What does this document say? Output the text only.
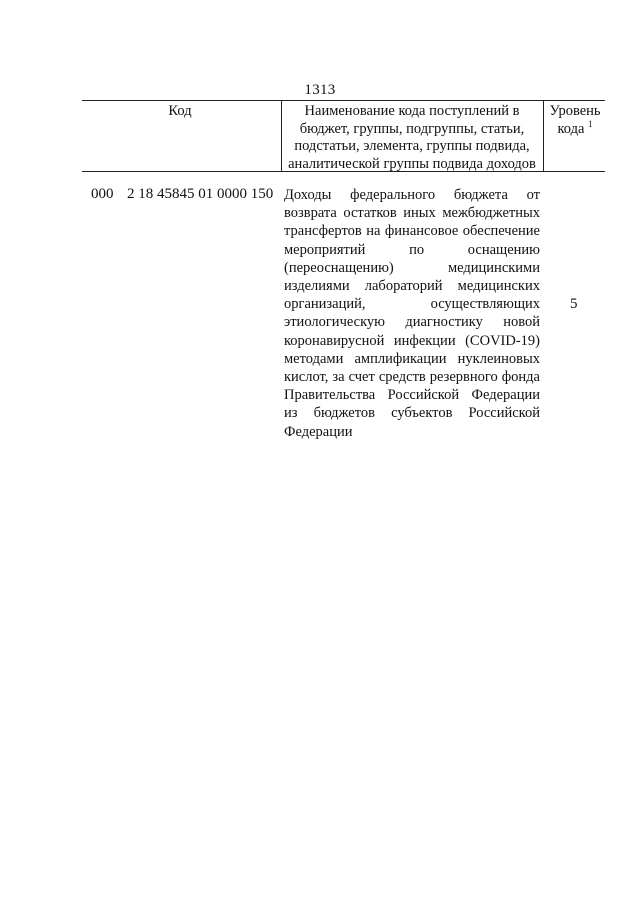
1313
Код	Наименование кода поступлений в
бюджет, группы, подгруппы, статьи,
подстатьи, элемента, группы подвида,
аналитической группы подвида доходов
Уровень
кода $^1$
000 2 18 45845 01 0000 150 Доходы федерального бюджета от
возврата остатков иных межбюджетных
трансфертов на финансовое обеспечение
мероприятий по оснащению
(переоснащению) медицинскими
изделиями лабораторий медицинских
организаций, осуществляющих
этиологическую диагностику новой
коронавирусной инфекции (COVID-19)
методами амплификации нуклеиновых
кислот, за счет средств резервного фонда
Правительства Российской Федерации
из бюджетов субъектов Российской
Федерации
5
